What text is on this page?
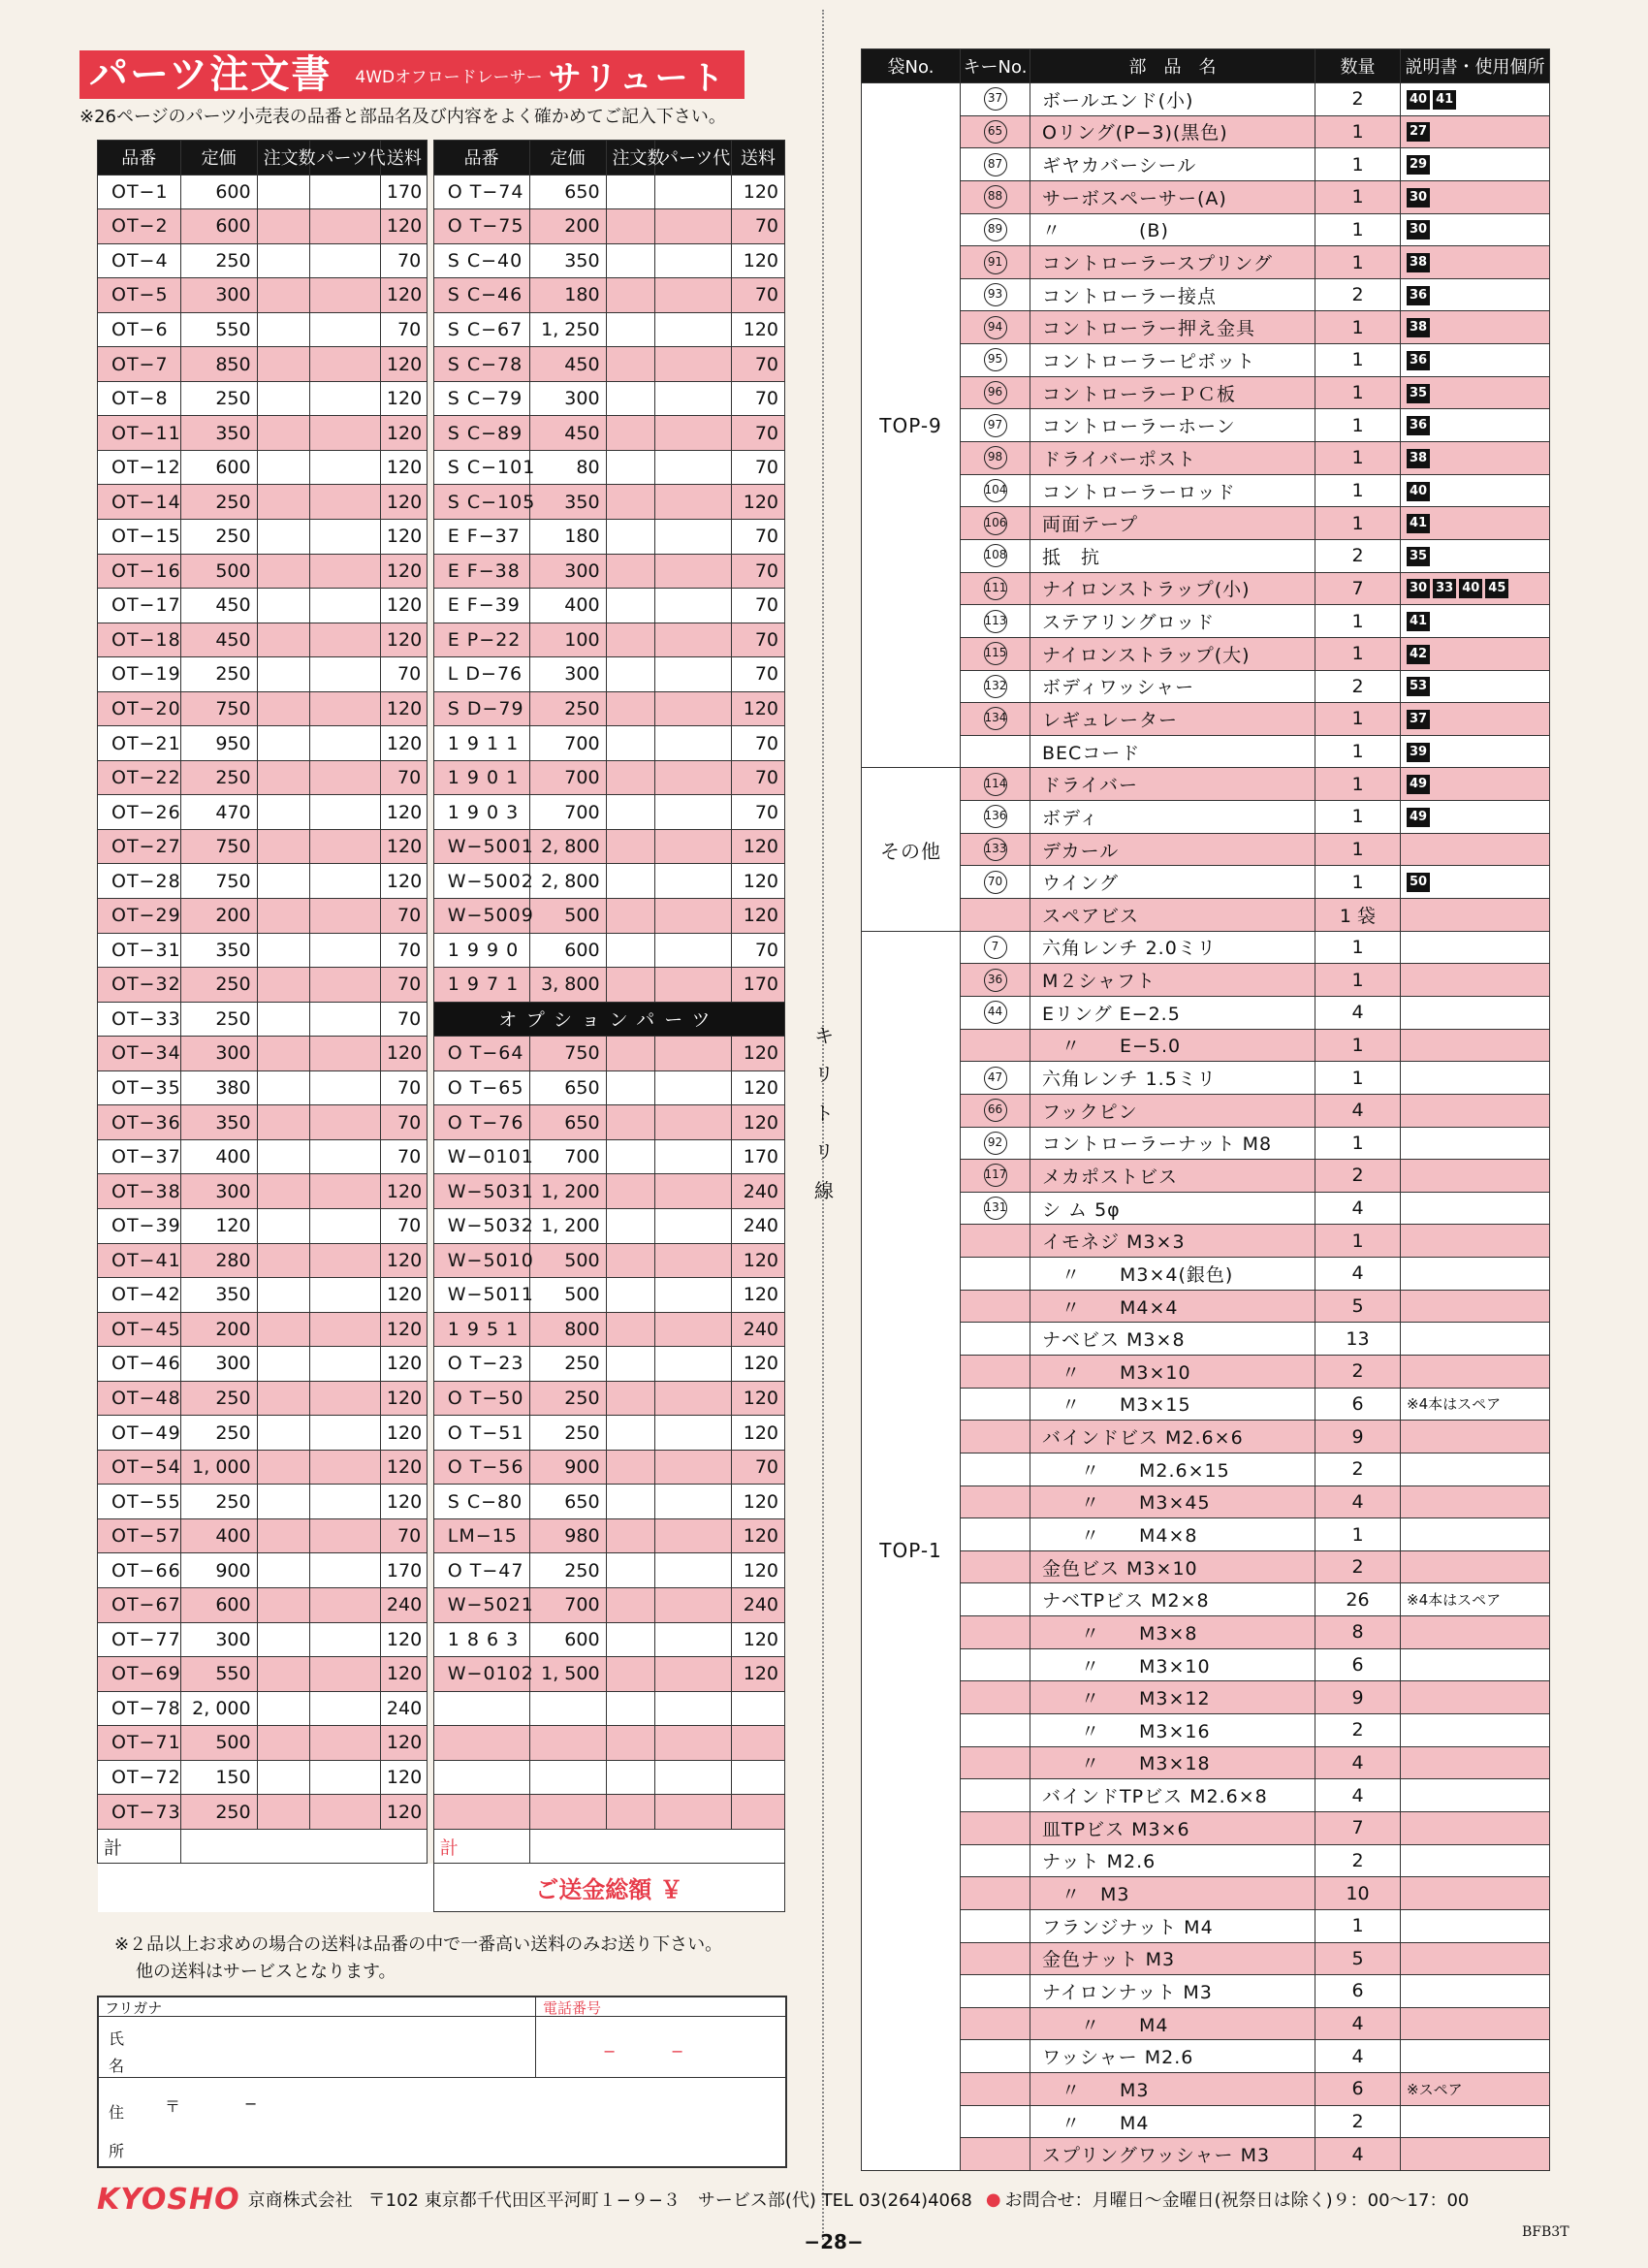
パーツ注文書	4WDオフロードレーサー サリュート
※26ページのパーツ小売表の品番と部品名及び内容をよく確かめてご記入下さい。
品番	定価	注文数	パーツ代	送料		品番	定価	注文数	パーツ代	送料
OT−1	600			170		O T−74	650			120
OT−2	600			120		O T−75	200			70
OT−4	250			70		S C−40	350			120
OT−5	300			120		S C−46	180			70
OT−6	550			70		S C−67	1, 250			120
OT−7	850			120		S C−78	450			70
OT−8	250			120		S C−79	300			70
OT−11	350			120		S C−89	450			70
OT−12	600			120		S C−101	80			70
OT−14	250			120		S C−105	350			120
OT−15	250			120		E F−37	180			70
OT−16	500			120		E F−38	300			70
OT−17	450			120		E F−39	400			70
OT−18	450			120		E P−22	100			70
OT−19	250			70		L D−76	300			70
OT−20	750			120		S D−79	250			120
OT−21	950			120		1 9 1 1	700			70
OT−22	250			70		1 9 0 1	700			70
OT−26	470			120		1 9 0 3	700			70
OT−27	750			120		W−5001	2, 800			120
OT−28	750			120		W−5002	2, 800			120
OT−29	200			70		W−5009	500			120
OT−31	350			70		1 9 9 0	600			70
OT−32	250			70		1 9 7 1	3, 800			170
OT−33	250			70		オプションパーツ				
OT−34	300			120		O T−64	750			120
OT−35	380			70		O T−65	650			120
OT−36	350			70		O T−76	650			120
OT−37	400			70		W−0101	700			170
OT−38	300			120		W−5031	1, 200			240
OT−39	120			70		W−5032	1, 200			240
OT−41	280			120		W−5010	500			120
OT−42	350			120		W−5011	500			120
OT−45	200			120		1 9 5 1	800			240
OT−46	300			120		O T−23	250			120
OT−48	250			120		O T−50	250			120
OT−49	250			120		O T−51	250			120
OT−54	1, 000			120		O T−56	900			70
OT−55	250			120		S C−80	650			120
OT−57	400			70		LM−15	980			120
OT−66	900			170		O T−47	250			120
OT−67	600			240		W−5021	700			240
OT−77	300			120		1 8 6 3	600			120
OT−69	550			120		W−0102	1, 500			120
OT−78	2, 000			240						
OT−71	500			120						
OT−72	150			120						
OT−73	250			120						
計						計				
						ご送金総額 ￥				
※２品以上お求めの場合の送料は品番の中で一番高い送料のみお送り下さい。
他の送料はサービスとなります。
フリガナ	電話番号
− −
氏
名
住	〒	−
所
キ
リ
ト
リ
線
袋No.	キーNo.	部　品　名	数量	説明書・使用個所
TOP-9	37	ボールエンド(小)	2	40 41
	65	Oリング(P−3)(黒色)	1	27
	87	ギヤカバーシール	1	29
	88	サーボスペーサー(A)	1	30
	89	〃　　　　(B)	1	30
	91	コントローラースプリング	1	38
	93	コントローラー接点	2	36
	94	コントローラー押え金具	1	38
	95	コントローラーピボット	1	36
	96	コントローラーＰＣ板	1	35
	97	コントローラーホーン	1	36
	98	ドライバーポスト	1	38
	104	コントローラーロッド	1	40
	106	両面テープ	1	41
	108	抵　抗	2	35
	111	ナイロンストラップ(小)	7	30 33 40 45
	113	ステアリングロッド	1	41
	115	ナイロンストラップ(大)	1	42
	132	ボディワッシャー	2	53
	134	レギュレーター	1	37
		BECコード	1	39
その他	114	ドライバー	1	49
	136	ボディ	1	49
	133	デカール	1	
	70	ウイング	1	50
		スペアビス	1 袋	
TOP-1	7	六角レンチ 2.0ミリ	1	
	36	M２シャフト	1	
	44	Eリング E−2.5	4	
		　〃　　E−5.0	1	
	47	六角レンチ 1.5ミリ	1	
	66	フックピン	4	
	92	コントローラーナット M8	1	
	117	メカポストビス	2	
	131	シ ム 5φ	4	
		イモネジ M3×3	1	
		　〃　　M3×4(銀色)	4	
		　〃　　M4×4	5	
		ナベビス M3×8	13	
		　〃　　M3×10	2	
		　〃　　M3×15	6	※4本はスペア
		バインドビス M2.6×6	9	
		　　〃　　M2.6×15	2	
		　　〃　　M3×45	4	
		　　〃　　M4×8	1	
		金色ビス M3×10	2	
		ナベTPビス M2×8	26	※4本はスペア
		　　〃　　M3×8	8	
		　　〃　　M3×10	6	
		　　〃　　M3×12	9	
		　　〃　　M3×16	2	
		　　〃　　M3×18	4	
		バインドTPビス M2.6×8	4	
		皿TPビス M3×6	7	
		ナット M2.6	2	
		　〃　M3	10	
		フランジナット M4	1	
		金色ナット M3	5	
		ナイロンナット M3	6	
		　　〃　　M4	4	
		ワッシャー M2.6	4	
		　〃　　M3	6	※スペア
		　〃　　M4	2	
		スプリングワッシャー M3	4	
KYOSHO 京商株式会社 〒102 東京都千代田区平河町１−９−３ サービス部(代) TEL 03(264)4068 ● お問合せ：月曜日〜金曜日(祝祭日は除く)９：00〜17：00
−28−	BFB3T
